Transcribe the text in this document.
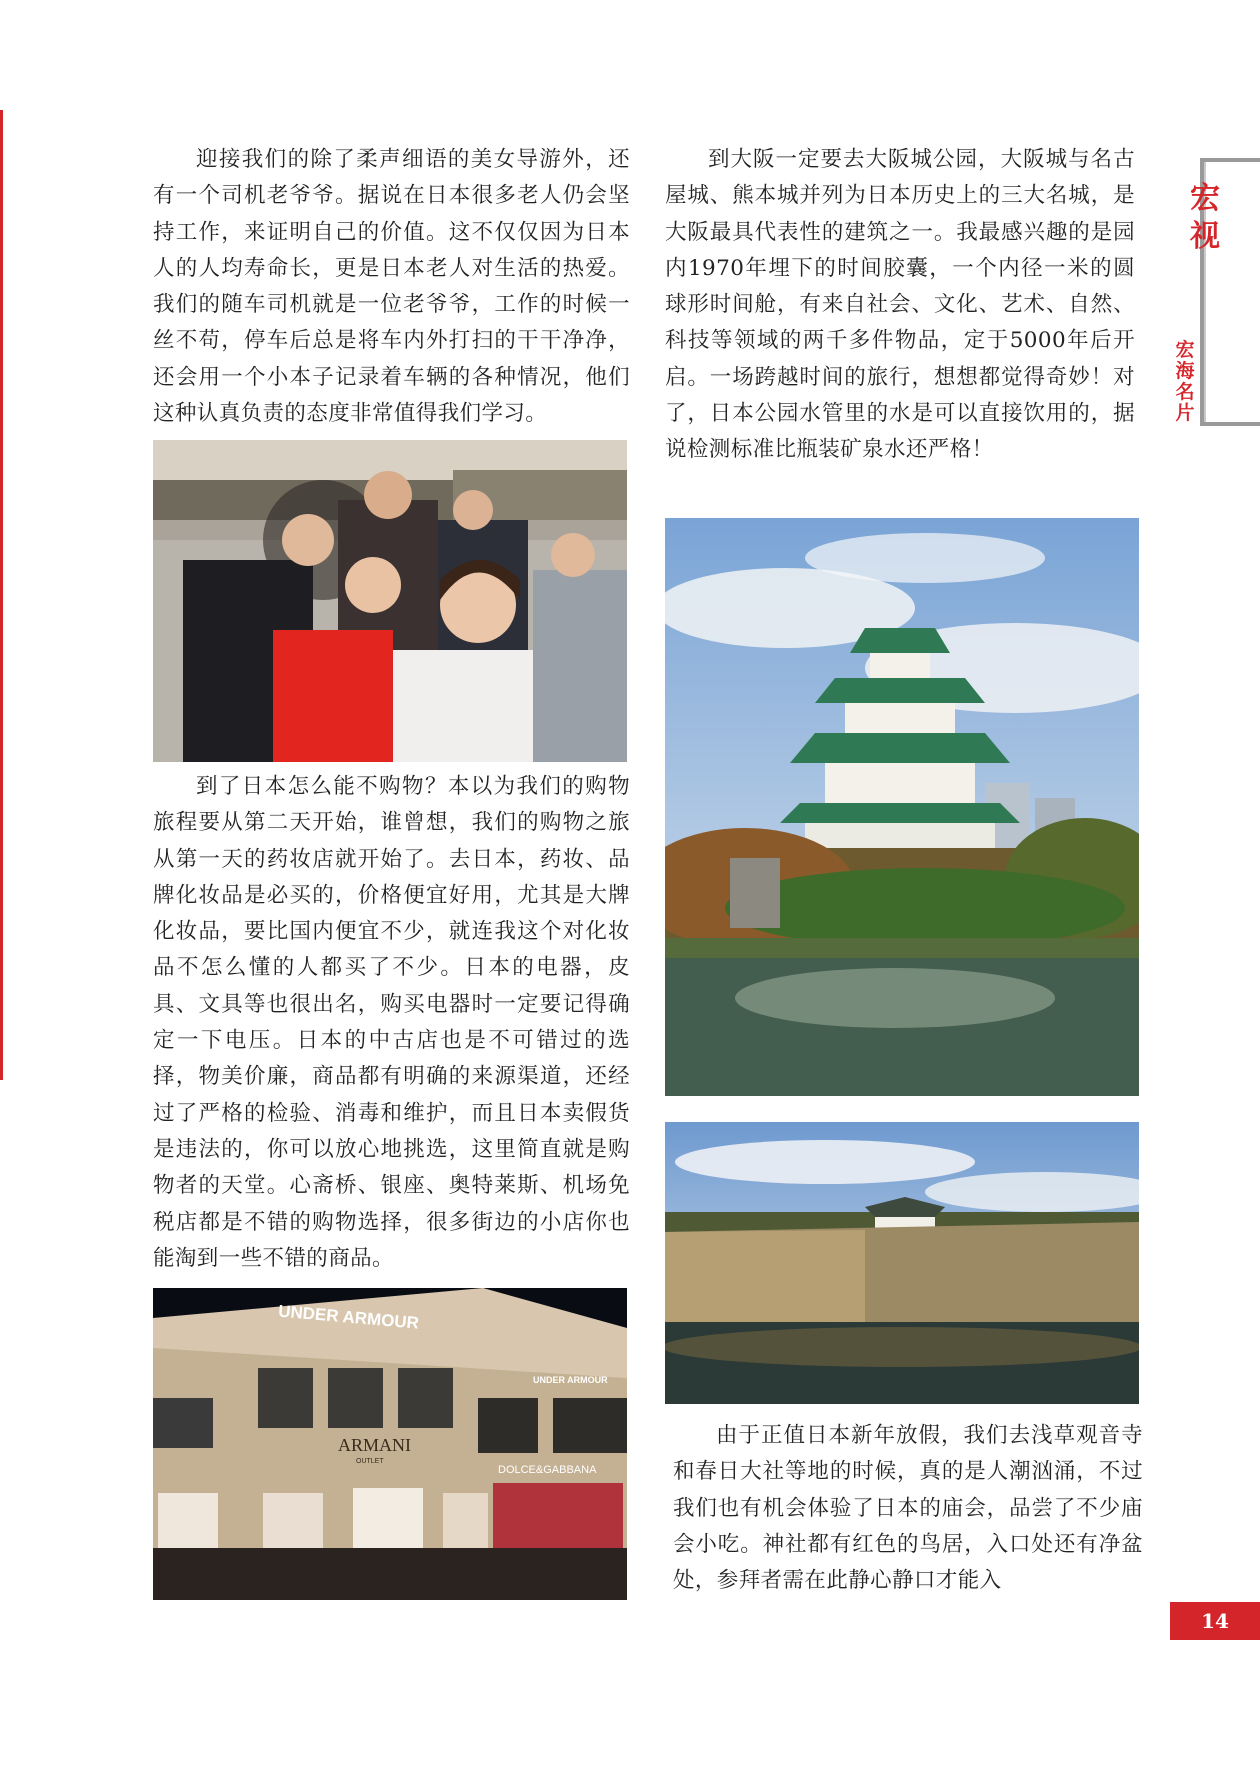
迎接我们的除了柔声细语的美女导游外，还有一个司机老爷爷。据说在日本很多老人仍会坚持工作，来证明自己的价值。这不仅仅因为日本人的人均寿命长，更是日本老人对生活的热爱。我们的随车司机就是一位老爷爷，工作的时候一丝不苟，停车后总是将车内外打扫的干干净净，还会用一个小本子记录着车辆的各种情况，他们这种认真负责的态度非常值得我们学习。

到了日本怎么能不购物？本以为我们的购物旅程要从第二天开始，谁曾想，我们的购物之旅从第一天的药妆店就开始了。去日本，药妆、品牌化妆品是必买的，价格便宜好用，尤其是大牌化妆品，要比国内便宜不少，就连我这个对化妆品不怎么懂的人都买了不少。日本的电器，皮具、文具等也很出名，购买电器时一定要记得确定一下电压。日本的中古店也是不可错过的选择，物美价廉，商品都有明确的来源渠道，还经过了严格的检验、消毒和维护，而且日本卖假货是违法的，你可以放心地挑选，这里简直就是购物者的天堂。心斋桥、银座、奥特莱斯、机场免税店都是不错的购物选择，很多街边的小店你也能淘到一些不错的商品。

UNDER ARMOUR
UNDER ARMOUR
ARMANI
OUTLET
DOLCE&GABBANA

到大阪一定要去大阪城公园，大阪城与名古屋城、熊本城并列为日本历史上的三大名城，是大阪最具代表性的建筑之一。我最感兴趣的是园内1970年埋下的时间胶囊，一个内径一米的圆球形时间舱，有来自社会、文化、艺术、自然、科技等领域的两千多件物品，定于5000年后开启。一场跨越时间的旅行，想想都觉得奇妙！对了，日本公园水管里的水是可以直接饮用的，据说检测标准比瓶装矿泉水还严格！

由于正值日本新年放假，我们去浅草观音寺和春日大社等地的时候，真的是人潮汹涌，不过我们也有机会体验了日本的庙会，品尝了不少庙会小吃。神社都有红色的鸟居，入口处还有净盆处，参拜者需在此静心静口才能入

宏
视
宏
海
名
片
14
